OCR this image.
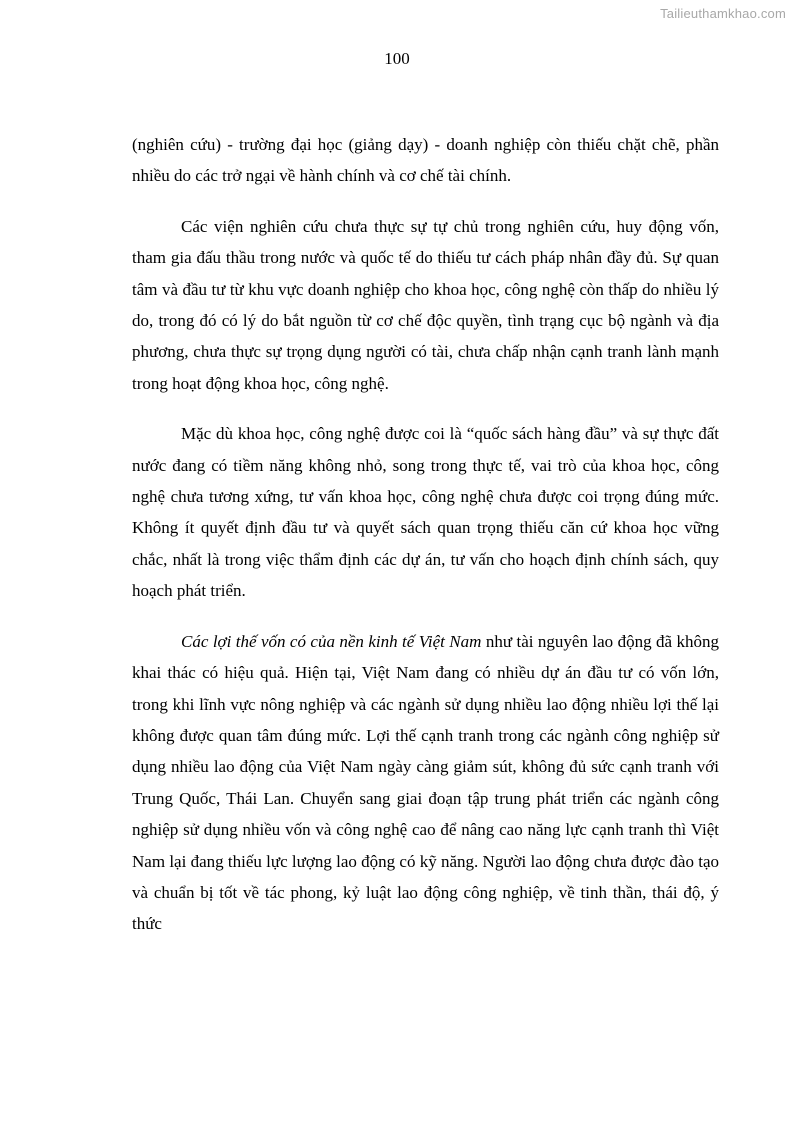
Tailieuthamkhao.com
100

(nghiên cứu) - trường đại học (giảng dạy) - doanh nghiệp còn thiếu chặt chẽ, phần nhiều do các trở ngại về hành chính và cơ chế tài chính.

Các viện nghiên cứu chưa thực sự tự chủ trong nghiên cứu, huy động vốn, tham gia đấu thầu trong nước và quốc tế do thiếu tư cách pháp nhân đầy đủ. Sự quan tâm và đầu tư từ khu vực doanh nghiệp cho khoa học, công nghệ còn thấp do nhiều lý do, trong đó có lý do bắt nguồn từ cơ chế độc quyền, tình trạng cục bộ ngành và địa phương, chưa thực sự trọng dụng người có tài, chưa chấp nhận cạnh tranh lành mạnh trong hoạt động khoa học, công nghệ.

Mặc dù khoa học, công nghệ được coi là “quốc sách hàng đầu” và sự thực đất nước đang có tiềm năng không nhỏ, song trong thực tế, vai trò của khoa học, công nghệ chưa tương xứng, tư vấn khoa học, công nghệ chưa được coi trọng đúng mức. Không ít quyết định đầu tư và quyết sách quan trọng thiếu căn cứ khoa học vững chắc, nhất là trong việc thẩm định các dự án, tư vấn cho hoạch định chính sách, quy hoạch phát triển.

Các lợi thế vốn có của nền kinh tế Việt Nam như tài nguyên lao động đã không khai thác có hiệu quả. Hiện tại, Việt Nam đang có nhiều dự án đầu tư có vốn lớn, trong khi lĩnh vực nông nghiệp và các ngành sử dụng nhiều lao động nhiều lợi thế lại không được quan tâm đúng mức. Lợi thế cạnh tranh trong các ngành công nghiệp sử dụng nhiều lao động của Việt Nam ngày càng giảm sút, không đủ sức cạnh tranh với Trung Quốc, Thái Lan. Chuyển sang giai đoạn tập trung phát triển các ngành công nghiệp sử dụng nhiều vốn và công nghệ cao để nâng cao năng lực cạnh tranh thì Việt Nam lại đang thiếu lực lượng lao động có kỹ năng. Người lao động chưa được đào tạo và chuẩn bị tốt về tác phong, kỷ luật lao động công nghiệp, về tinh thần, thái độ, ý thức
